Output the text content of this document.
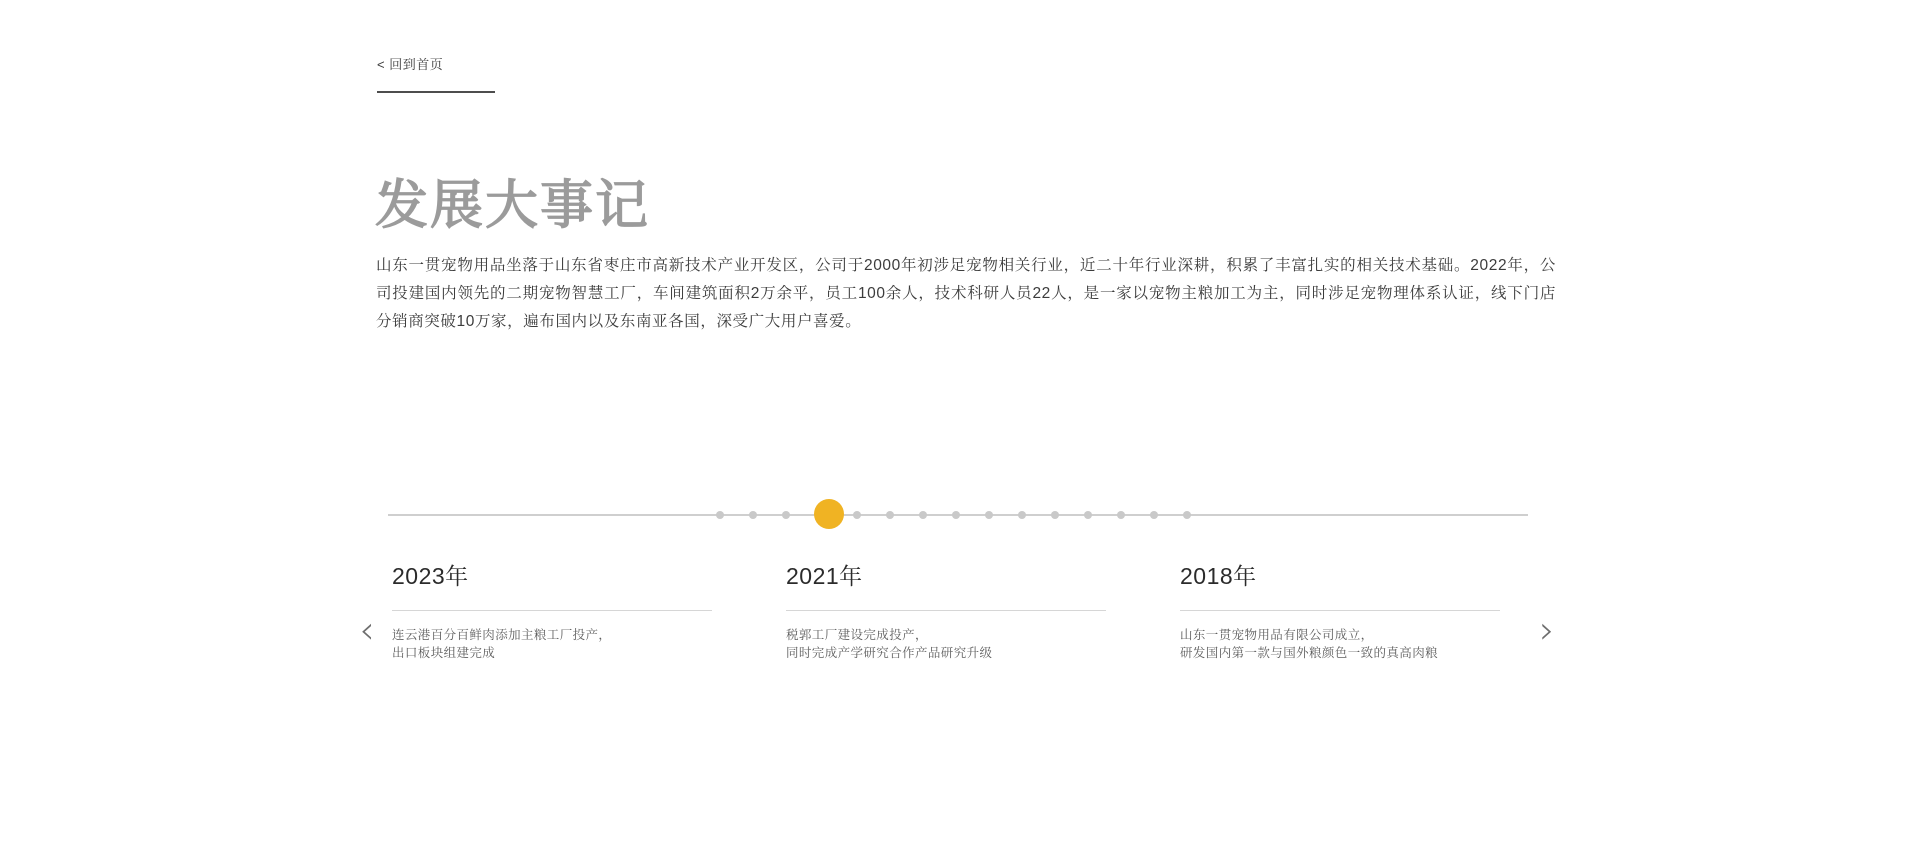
< 回到首页
发展大事记

山东一贯宠物用品坐落于山东省枣庄市高新技术产业开发区，公司于2000年初涉足宠物相关行业，近二十年行业深耕，积累了丰富扎实的相关技术基础。2022年，公司投建国内领先的二期宠物智慧工厂，车间建筑面积2万余平，员工100余人，技术科研人员22人，是一家以宠物主粮加工为主，同时涉足宠物理体系认证，线下门店分销商突破10万家，遍布国内以及东南亚各国，深受广大用户喜爱。

‹	›
2023年
连云港百分百鲜肉添加主粮工厂投产，
出口板块组建完成
2021年
税郭工厂建设完成投产，
同时完成产学研究合作产品研究升级
2018年
山东一贯宠物用品有限公司成立，
研发国内第一款与国外粮颜色一致的真高肉粮
